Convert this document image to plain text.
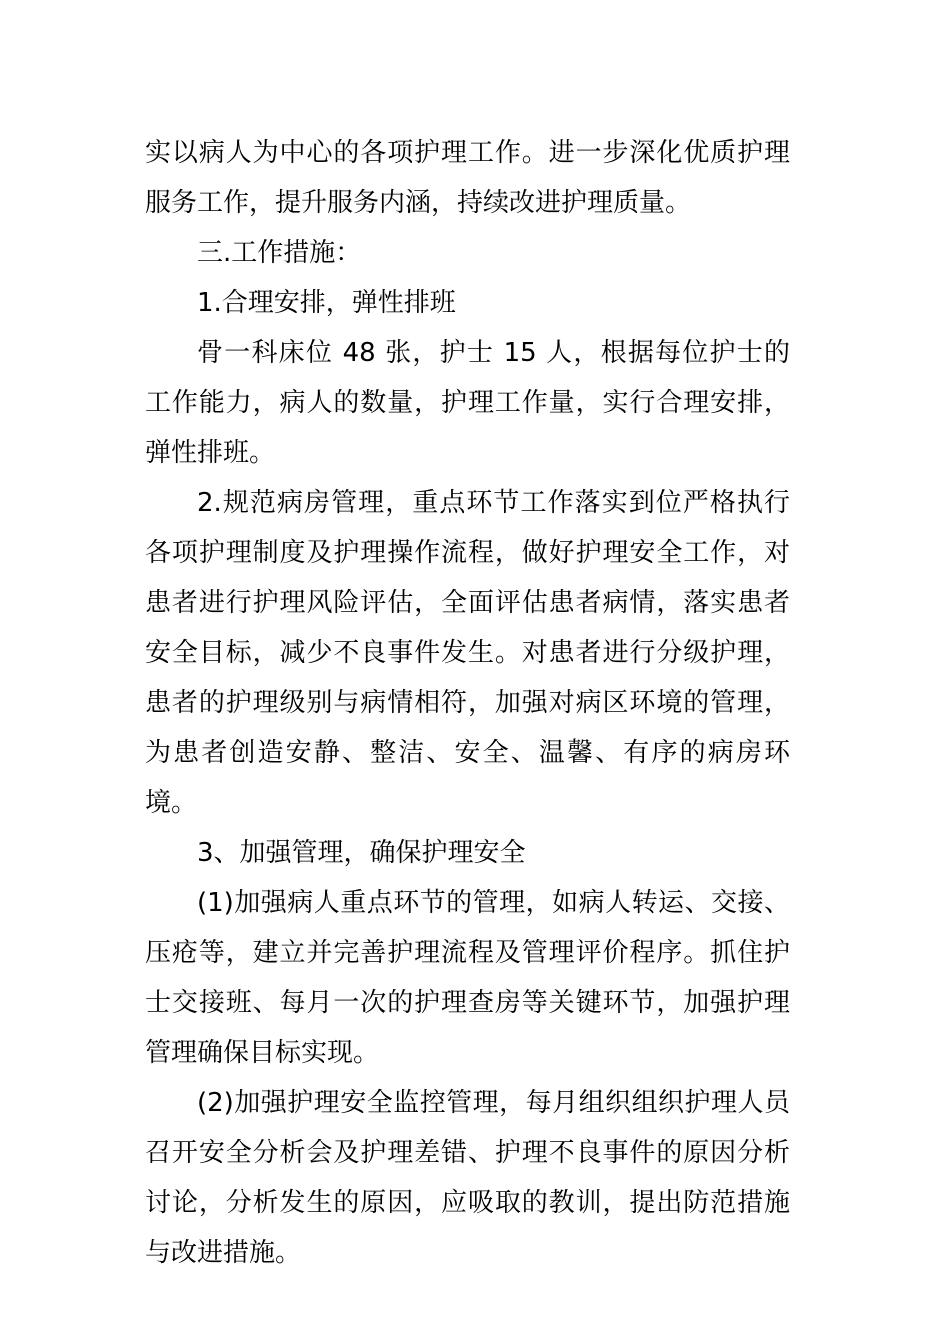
实以病人为中心的各项护理工作。进一步深化优质护理服务工作，提升服务内涵，持续改进护理质量。

三.工作措施：

1.合理安排，弹性排班

骨一科床位 48 张，护士 15 人，根据每位护士的工作能力，病人的数量，护理工作量，实行合理安排，弹性排班。

2.规范病房管理，重点环节工作落实到位严格执行各项护理制度及护理操作流程，做好护理安全工作，对患者进行护理风险评估，全面评估患者病情，落实患者安全目标，减少不良事件发生。对患者进行分级护理，患者的护理级别与病情相符，加强对病区环境的管理，为患者创造安静、整洁、安全、温馨、有序的病房环境。

3、加强管理，确保护理安全

(1)加强病人重点环节的管理，如病人转运、交接、压疮等，建立并完善护理流程及管理评价程序。抓住护士交接班、每月一次的护理查房等关键环节，加强护理管理确保目标实现。

(2)加强护理安全监控管理，每月组织组织护理人员召开安全分析会及护理差错、护理不良事件的原因分析讨论，分析发生的原因，应吸取的教训，提出防范措施与改进措施。
